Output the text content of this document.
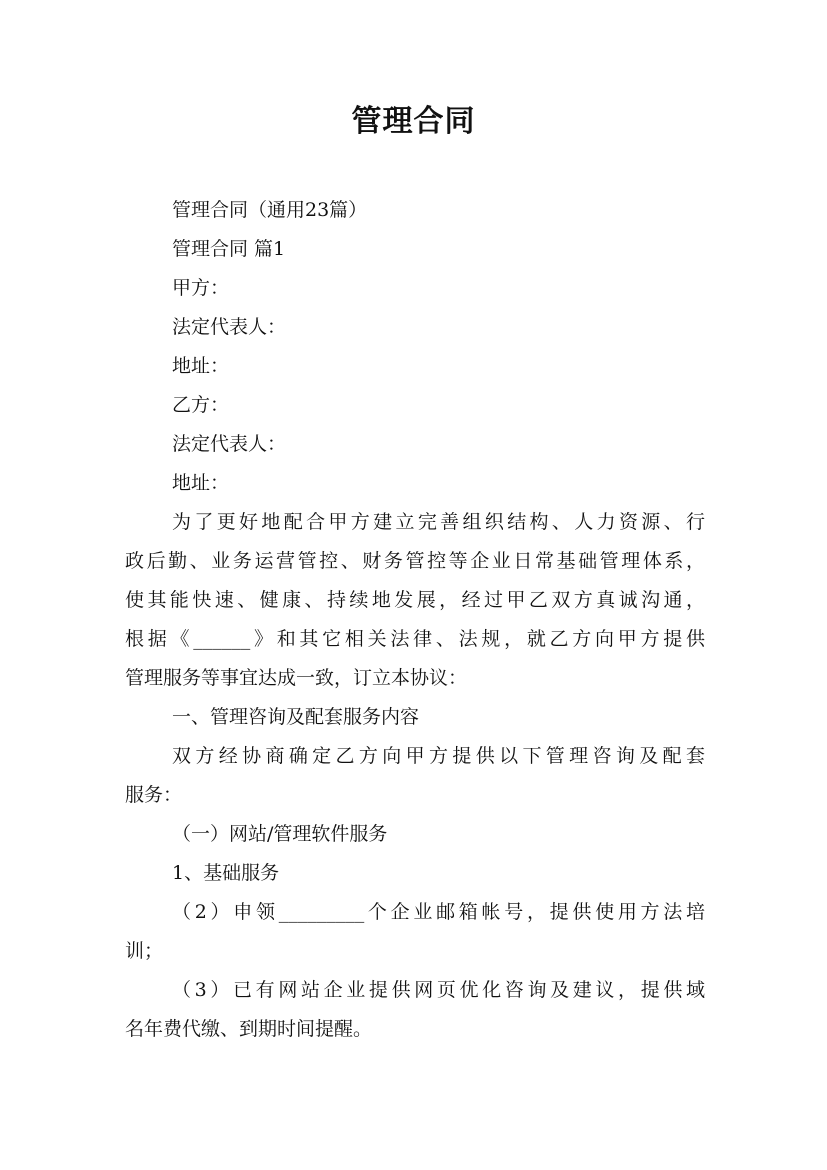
管理合同
管理合同（通用23篇）
管理合同 篇1
甲方：
法定代表人：
地址：
乙方：
法定代表人：
地址：
为了更好地配合甲方建立完善组织结构、人力资源、行
政后勤、业务运营管控、财务管控等企业日常基础管理体系，
使其能快速、健康、持续地发展，经过甲乙双方真诚沟通，
根据《______》和其它相关法律、法规，就乙方向甲方提供
管理服务等事宜达成一致，订立本协议：
一、管理咨询及配套服务内容
双方经协商确定乙方向甲方提供以下管理咨询及配套
服务：
（一）网站/管理软件服务
1、基础服务
（2）申领_________个企业邮箱帐号，提供使用方法培
训；
（3）已有网站企业提供网页优化咨询及建议，提供域
名年费代缴、到期时间提醒。
